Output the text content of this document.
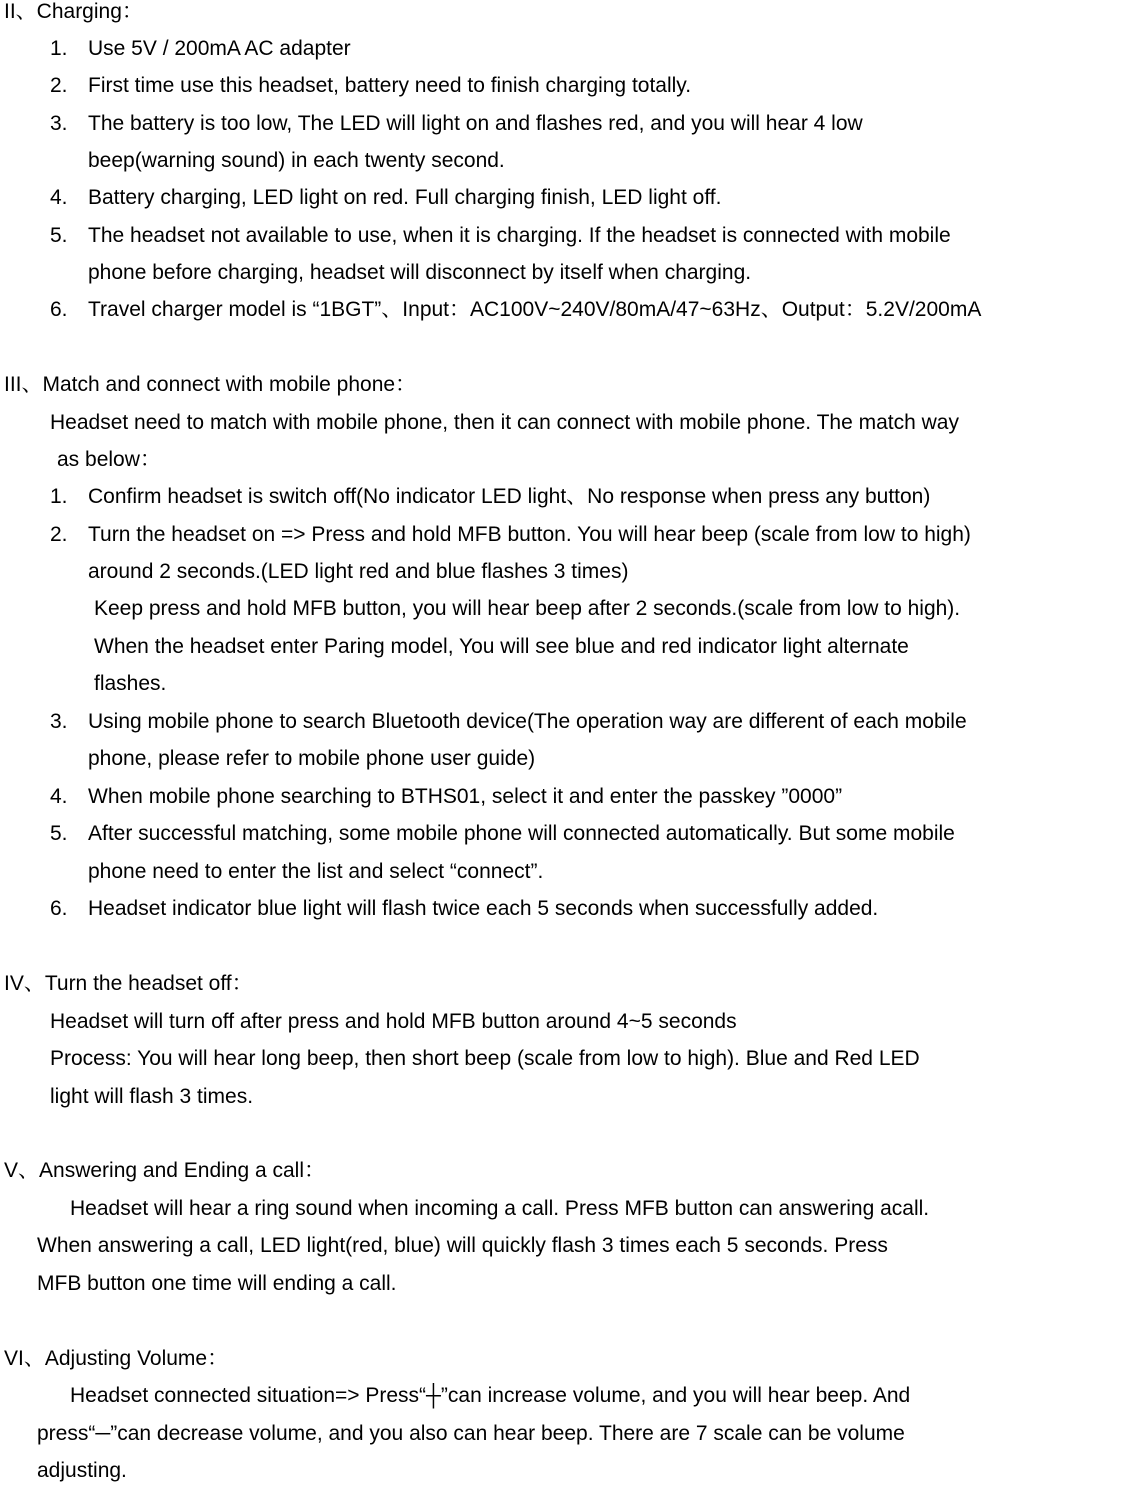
II、Charging：
1. Use 5V / 200mA AC adapter
2. First time use this headset, battery need to finish charging totally.
3. The battery is too low, The LED will light on and flashes red, and you will hear 4 low
beep(warning sound) in each twenty second.
4. Battery charging, LED light on red. Full charging finish, LED light off.
5. The headset not available to use, when it is charging. If the headset is connected with mobile
phone before charging, headset will disconnect by itself when charging.
6. Travel charger model is “1BGT”、Input：AC100V~240V/80mA/47~63Hz、Output：5.2V/200mA
III、Match and connect with mobile phone：
Headset need to match with mobile phone, then it can connect with mobile phone. The match way
as below：
1. Confirm headset is switch off(No indicator LED light、No response when press any button)
2. Turn the headset on => Press and hold MFB button. You will hear beep (scale from low to high)
around 2 seconds.(LED light red and blue flashes 3 times)
Keep press and hold MFB button, you will hear beep after 2 seconds.(scale from low to high).
When the headset enter Paring model, You will see blue and red indicator light alternate
flashes.
3. Using mobile phone to search Bluetooth device(The operation way are different of each mobile
phone, please refer to mobile phone user guide)
4. When mobile phone searching to BTHS01, select it and enter the passkey ”0000”
5. After successful matching, some mobile phone will connected automatically. But some mobile
phone need to enter the list and select “connect”.
6. Headset indicator blue light will flash twice each 5 seconds when successfully added.
IV、Turn the headset off：
Headset will turn off after press and hold MFB button around 4~5 seconds
Process: You will hear long beep, then short beep (scale from low to high). Blue and Red LED
light will flash 3 times.
V、Answering and Ending a call：
Headset will hear a ring sound when incoming a call. Press MFB button can answering acall.
When answering a call, LED light(red, blue) will quickly flash 3 times each 5 seconds. Press
MFB button one time will ending a call.
VI、Adjusting Volume：
Headset connected situation=> Press“┼”can increase volume, and you will hear beep. And
press“─”can decrease volume, and you also can hear beep. There are 7 scale can be volume
adjusting.
